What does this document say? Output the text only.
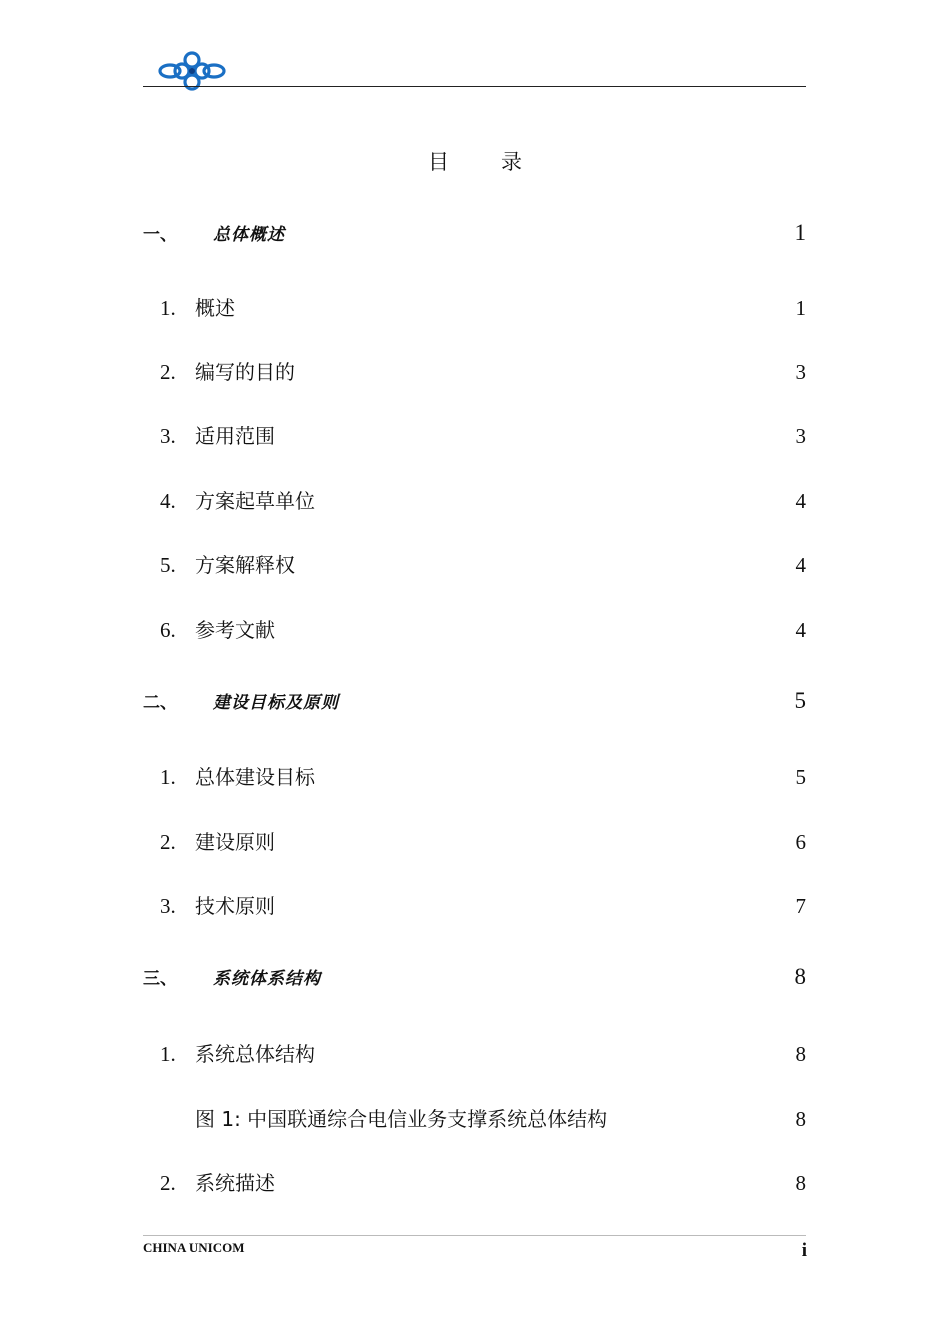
目 录
一、	总体概述	1
1. 概述	1
2. 编写的目的	3
3. 适用范围	3
4. 方案起草单位	4
5. 方案解释权	4
6. 参考文献	4
二、	建设目标及原则	5
1. 总体建设目标	5
2. 建设原则	6
3. 技术原则	7
三、	系统体系结构	8
1. 系统总体结构	8
图 1: 中国联通综合电信业务支撑系统总体结构	8
2. 系统描述	8
CHINA UNICOM	i
